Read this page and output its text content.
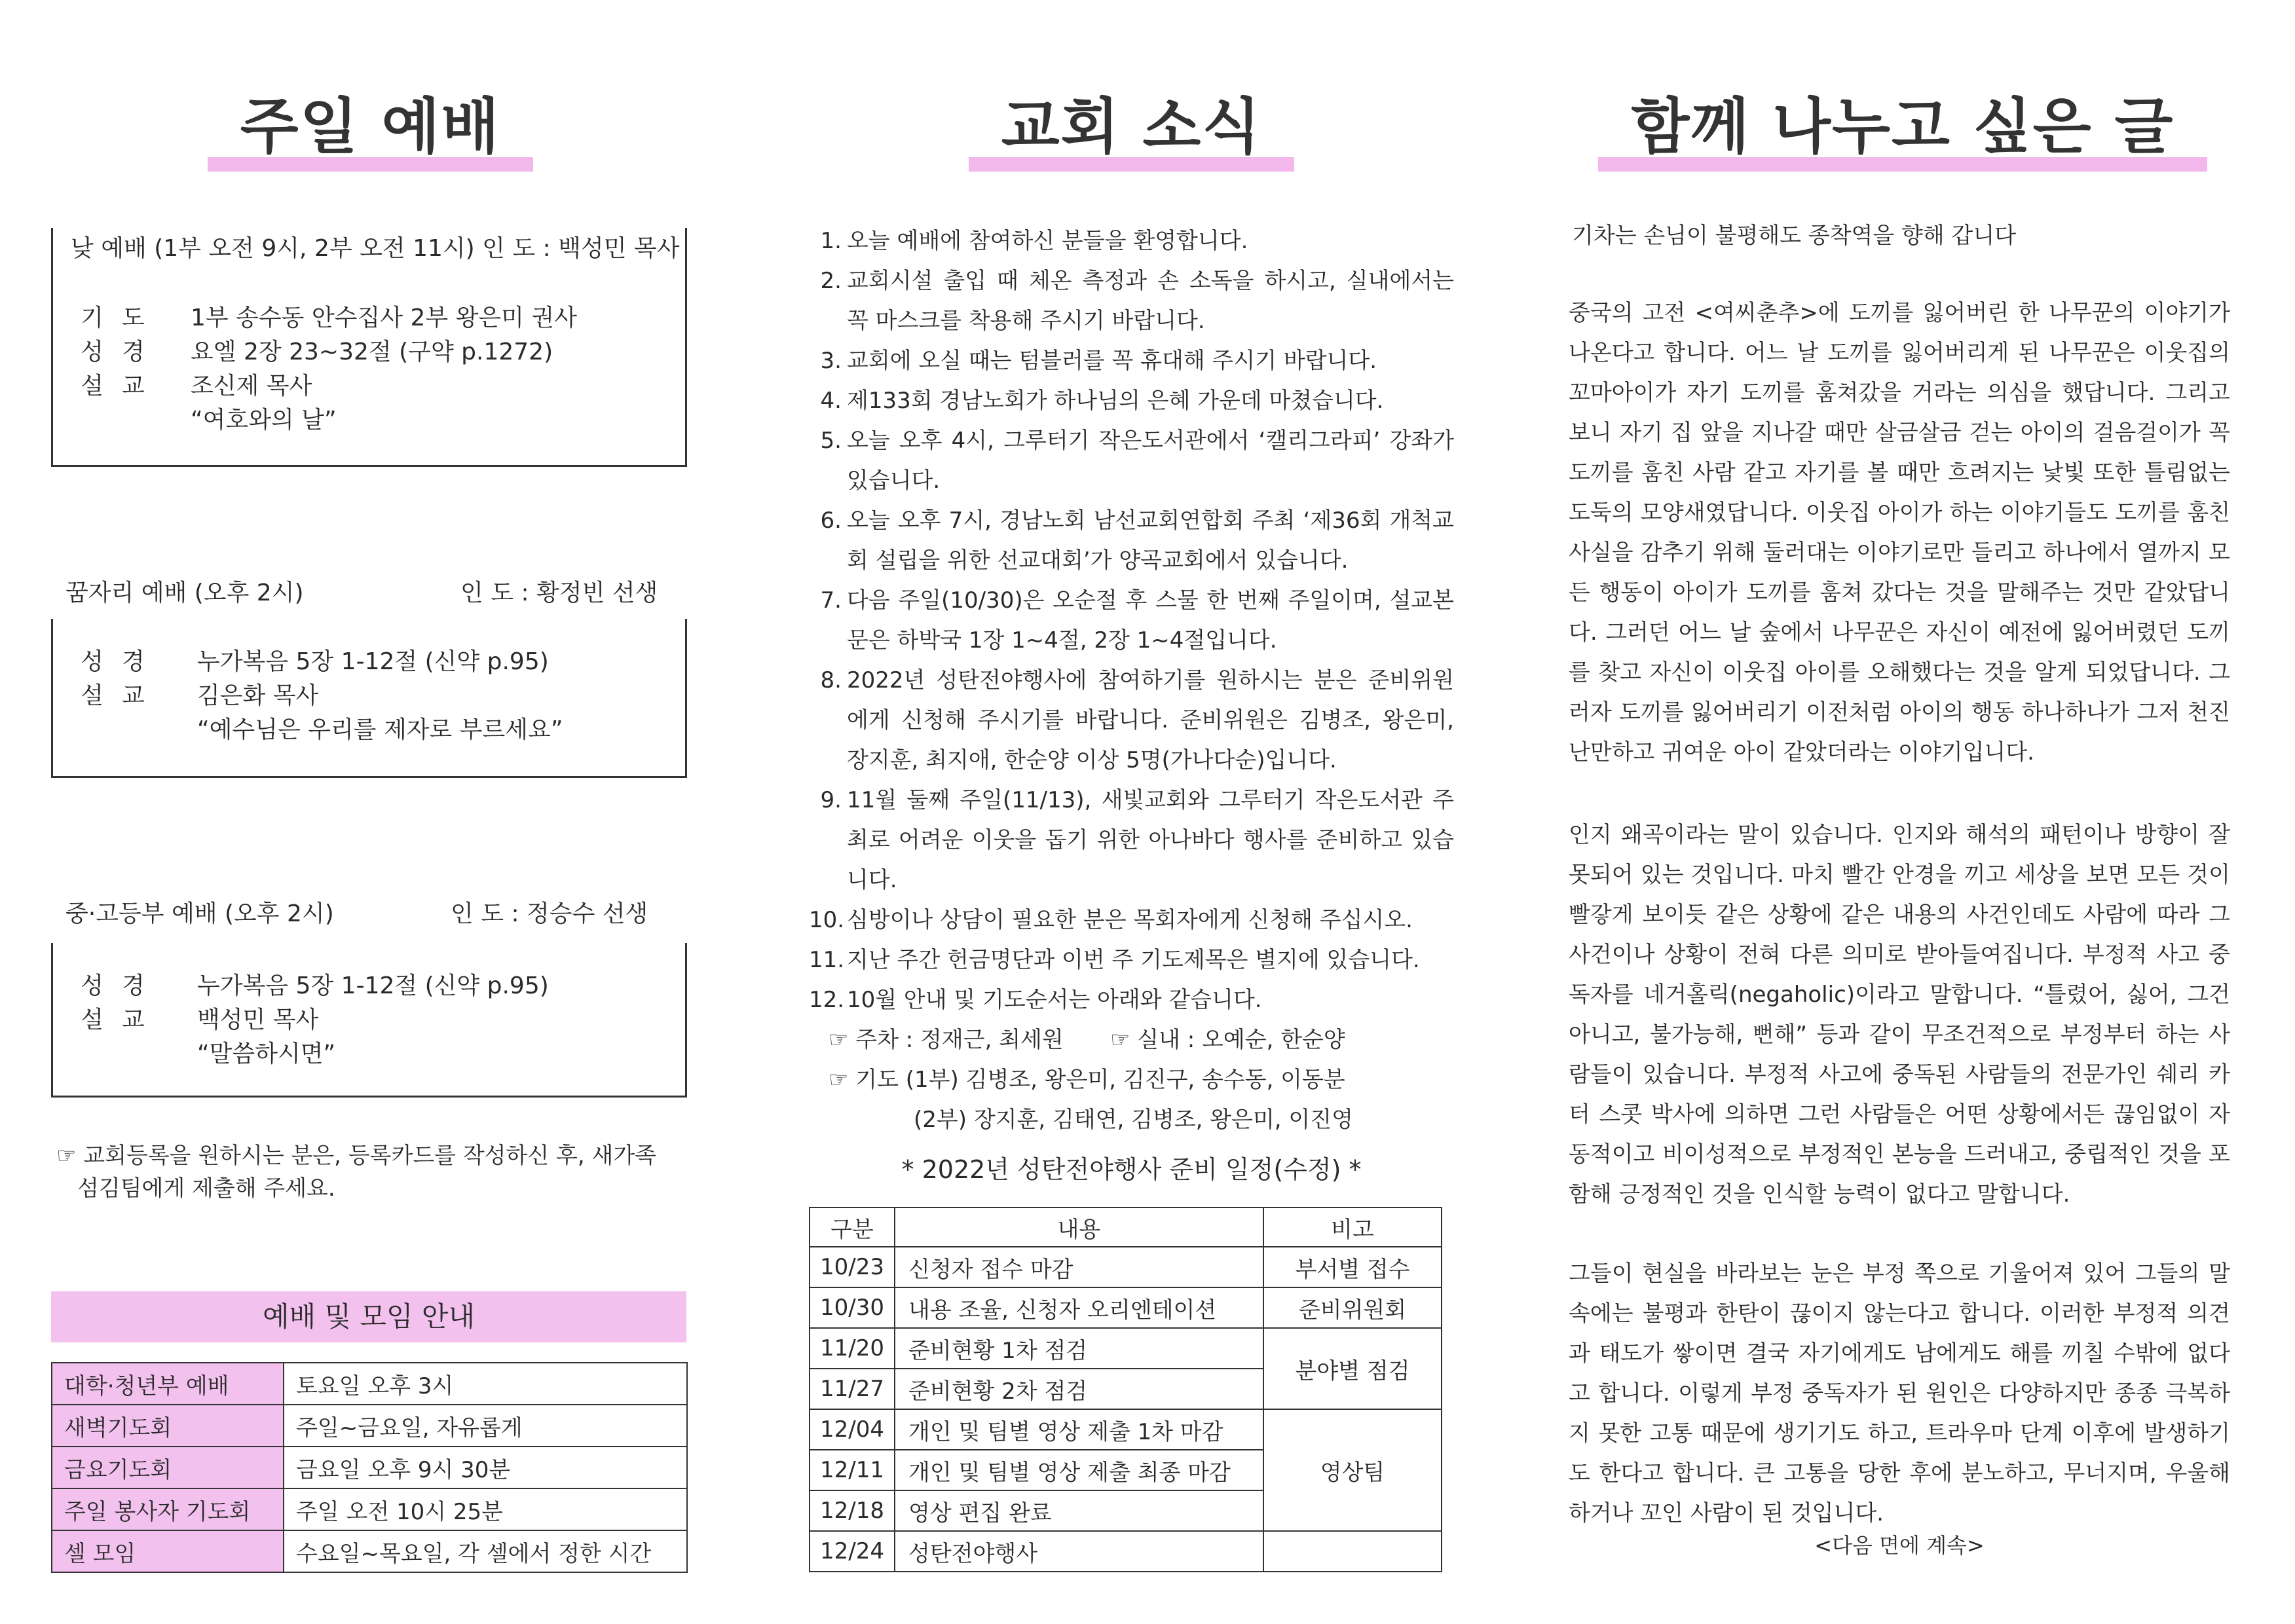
주일 예배
낮 예배 (1부 오전 9시, 2부 오전 11시) 인 도 : 백성민 목사
기도	1부 송수동 안수집사 2부 왕은미 권사
성경	요엘 2장 23~32절 (구약 p.1272)
설교	조신제 목사
“여호와의 날”
꿈자리 예배 (오후 2시)	인 도 : 황정빈 선생
성경	누가복음 5장 1-12절 (신약 p.95)
설교	김은화 목사
“예수님은 우리를 제자로 부르세요”
중·고등부 예배 (오후 2시)	인 도 : 정승수 선생
성경	누가복음 5장 1-12절 (신약 p.95)
설교	백성민 목사
“말씀하시면”
☞ 교회등록을 원하시는 분은, 등록카드를 작성하신 후, 새가족
섬김팀에게 제출해 주세요.
예배 및 모임 안내
대학·청년부 예배	토요일 오후 3시
새벽기도회	주일~금요일, 자유롭게
금요기도회	금요일 오후 9시 30분
주일 봉사자 기도회	주일 오전 10시 25분
셀 모임	수요일~목요일, 각 셀에서 정한 시간
교회 소식
1. 오늘 예배에 참여하신 분들을 환영합니다.
2. 교회시설 출입 때 체온 측정과 손 소독을 하시고, 실내에서는 꼭 마스크를 착용해 주시기 바랍니다.
3. 교회에 오실 때는 텀블러를 꼭 휴대해 주시기 바랍니다.
4. 제133회 경남노회가 하나님의 은혜 가운데 마쳤습니다.
5. 오늘 오후 4시, 그루터기 작은도서관에서 ‘캘리그라피’ 강좌가 있습니다.
6. 오늘 오후 7시, 경남노회 남선교회연합회 주최 ‘제36회 개척교회 설립을 위한 선교대회’가 양곡교회에서 있습니다.
7. 다음 주일(10/30)은 오순절 후 스물 한 번째 주일이며, 설교본문은 하박국 1장 1~4절, 2장 1~4절입니다.
8. 2022년 성탄전야행사에 참여하기를 원하시는 분은 준비위원에게 신청해 주시기를 바랍니다. 준비위원은 김병조, 왕은미, 장지훈, 최지애, 한순양 이상 5명(가나다순)입니다.
9. 11월 둘째 주일(11/13), 새빛교회와 그루터기 작은도서관 주최로 어려운 이웃을 돕기 위한 아나바다 행사를 준비하고 있습니다.
10. 심방이나 상담이 필요한 분은 목회자에게 신청해 주십시오.
11. 지난 주간 헌금명단과 이번 주 기도제목은 별지에 있습니다.
12. 10월 안내 및 기도순서는 아래와 같습니다.
☞ 주차 : 정재근, 최세원	☞ 실내 : 오예순, 한순양
☞ 기도 (1부) 김병조, 왕은미, 김진구, 송수동, 이동분
(2부) 장지훈, 김태연, 김병조, 왕은미, 이진영
* 2022년 성탄전야행사 준비 일정(수정) *
구분	내용	비고
10/23	신청자 접수 마감	부서별 접수
10/30	내용 조율, 신청자 오리엔테이션	준비위원회
11/20	준비현황 1차 점검	분야별 점검
11/27	준비현황 2차 점검	
12/04	개인 및 팀별 영상 제출 1차 마감	영상팀
12/11	개인 및 팀별 영상 제출 최종 마감	
12/18	영상 편집 완료	
12/24	성탄전야행사	
함께 나누고 싶은 글
기차는 손님이 불평해도 종착역을 향해 갑니다
중국의 고전 <여씨춘추>에 도끼를 잃어버린 한 나무꾼의 이야기가 나온다고 합니다. 어느 날 도끼를 잃어버리게 된 나무꾼은 이웃집의 꼬마아이가 자기 도끼를 훔쳐갔을 거라는 의심을 했답니다. 그리고 보니 자기 집 앞을 지나갈 때만 살금살금 걷는 아이의 걸음걸이가 꼭 도끼를 훔친 사람 같고 자기를 볼 때만 흐려지는 낯빛 또한 틀림없는 도둑의 모양새였답니다. 이웃집 아이가 하는 이야기들도 도끼를 훔친 사실을 감추기 위해 둘러대는 이야기로만 들리고 하나에서 열까지 모든 행동이 아이가 도끼를 훔쳐 갔다는 것을 말해주는 것만 같았답니다. 그러던 어느 날 숲에서 나무꾼은 자신이 예전에 잃어버렸던 도끼를 찾고 자신이 이웃집 아이를 오해했다는 것을 알게 되었답니다. 그러자 도끼를 잃어버리기 이전처럼 아이의 행동 하나하나가 그저 천진난만하고 귀여운 아이 같았더라는 이야기입니다.
인지 왜곡이라는 말이 있습니다. 인지와 해석의 패턴이나 방향이 잘못되어 있는 것입니다. 마치 빨간 안경을 끼고 세상을 보면 모든 것이 빨갛게 보이듯 같은 상황에 같은 내용의 사건인데도 사람에 따라 그 사건이나 상황이 전혀 다른 의미로 받아들여집니다. 부정적 사고 중독자를 네거홀릭(negaholic)이라고 말합니다. “틀렸어, 싫어, 그건 아니고, 불가능해, 뻔해” 등과 같이 무조건적으로 부정부터 하는 사람들이 있습니다. 부정적 사고에 중독된 사람들의 전문가인 쉐리 카터 스콧 박사에 의하면 그런 사람들은 어떤 상황에서든 끊임없이 자동적이고 비이성적으로 부정적인 본능을 드러내고, 중립적인 것을 포함해 긍정적인 것을 인식할 능력이 없다고 말합니다.
그들이 현실을 바라보는 눈은 부정 쪽으로 기울어져 있어 그들의 말속에는 불평과 한탄이 끊이지 않는다고 합니다. 이러한 부정적 의견과 태도가 쌓이면 결국 자기에게도 남에게도 해를 끼칠 수밖에 없다고 합니다. 이렇게 부정 중독자가 된 원인은 다양하지만 종종 극복하지 못한 고통 때문에 생기기도 하고, 트라우마 단계 이후에 발생하기도 한다고 합니다. 큰 고통을 당한 후에 분노하고, 무너지며, 우울해하거나 꼬인 사람이 된 것입니다.
<다음 면에 계속>
